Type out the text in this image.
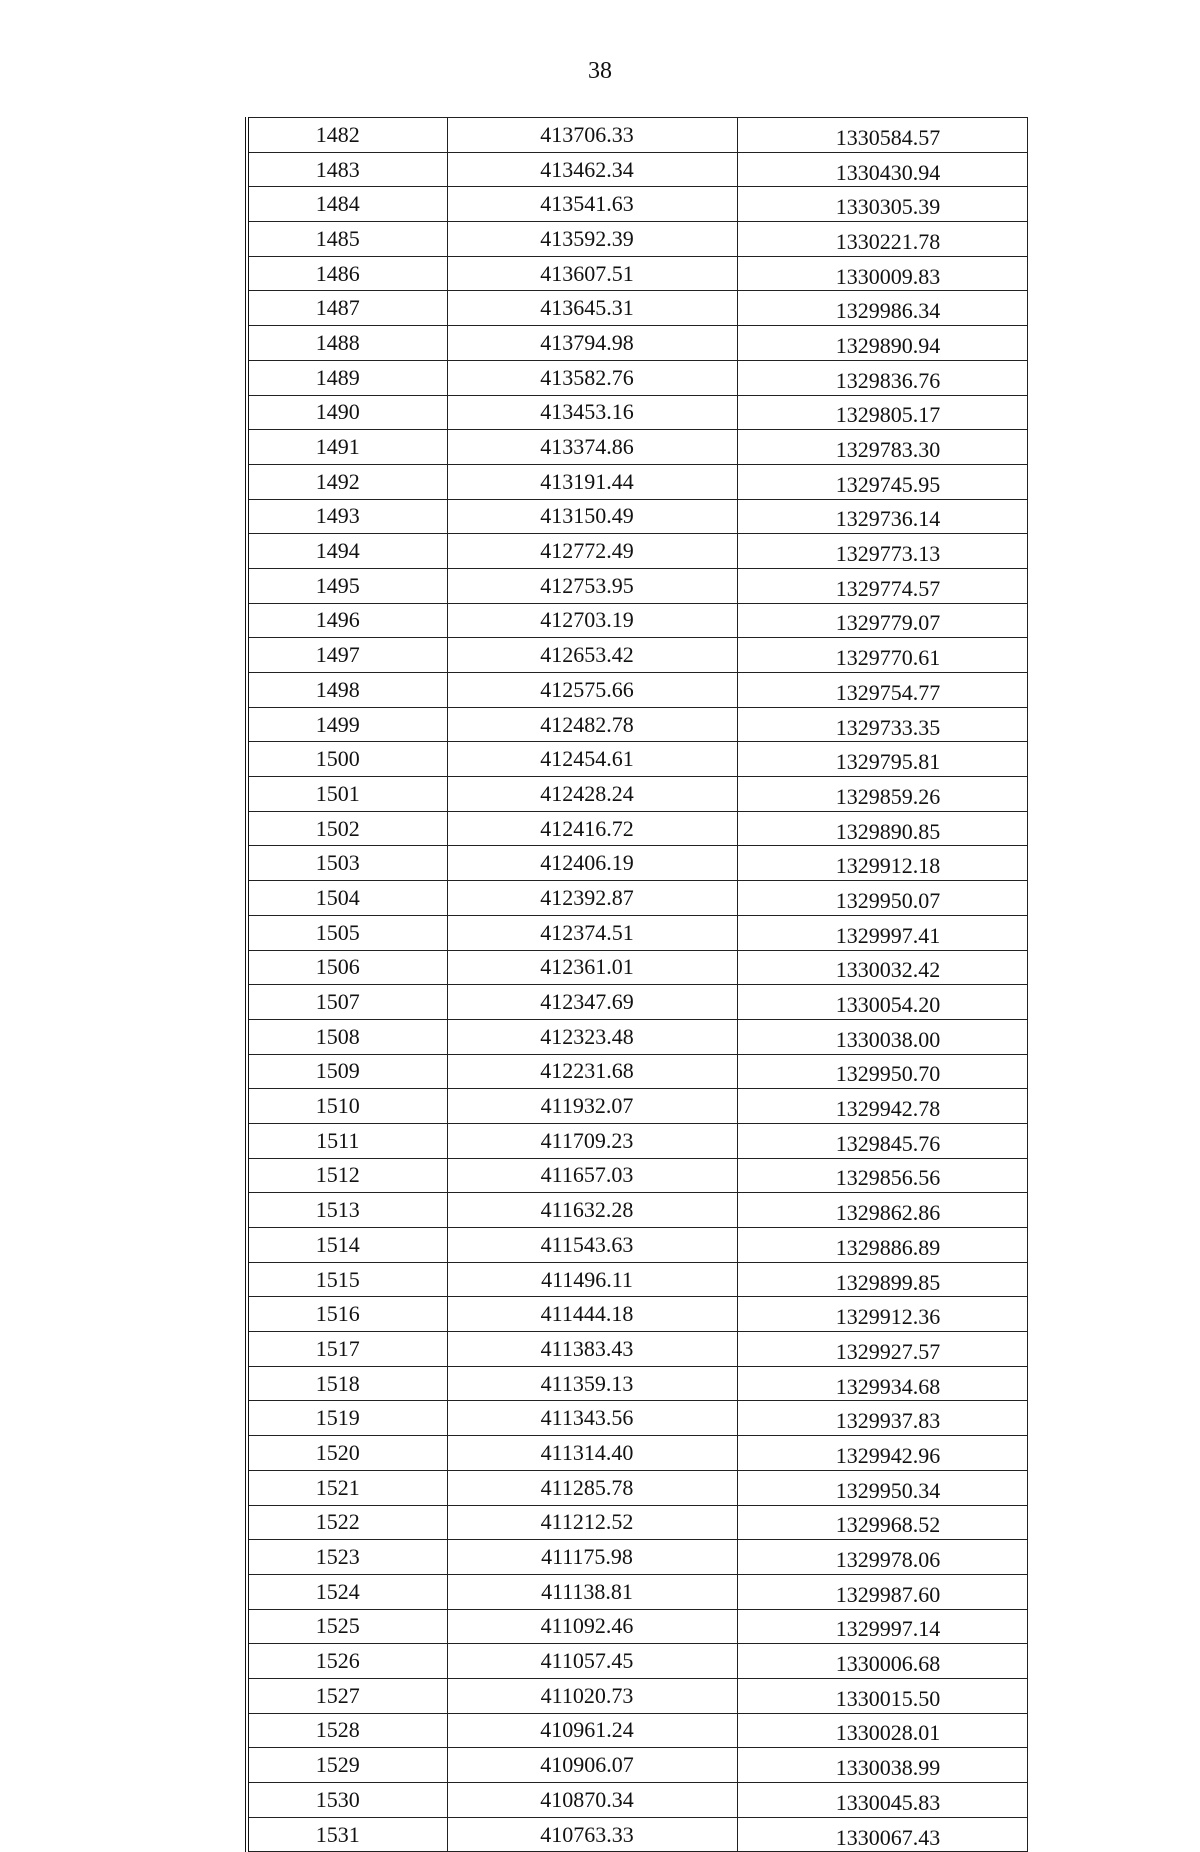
38
1482	413706.33	1330584.57
1483	413462.34	1330430.94
1484	413541.63	1330305.39
1485	413592.39	1330221.78
1486	413607.51	1330009.83
1487	413645.31	1329986.34
1488	413794.98	1329890.94
1489	413582.76	1329836.76
1490	413453.16	1329805.17
1491	413374.86	1329783.30
1492	413191.44	1329745.95
1493	413150.49	1329736.14
1494	412772.49	1329773.13
1495	412753.95	1329774.57
1496	412703.19	1329779.07
1497	412653.42	1329770.61
1498	412575.66	1329754.77
1499	412482.78	1329733.35
1500	412454.61	1329795.81
1501	412428.24	1329859.26
1502	412416.72	1329890.85
1503	412406.19	1329912.18
1504	412392.87	1329950.07
1505	412374.51	1329997.41
1506	412361.01	1330032.42
1507	412347.69	1330054.20
1508	412323.48	1330038.00
1509	412231.68	1329950.70
1510	411932.07	1329942.78
1511	411709.23	1329845.76
1512	411657.03	1329856.56
1513	411632.28	1329862.86
1514	411543.63	1329886.89
1515	411496.11	1329899.85
1516	411444.18	1329912.36
1517	411383.43	1329927.57
1518	411359.13	1329934.68
1519	411343.56	1329937.83
1520	411314.40	1329942.96
1521	411285.78	1329950.34
1522	411212.52	1329968.52
1523	411175.98	1329978.06
1524	411138.81	1329987.60
1525	411092.46	1329997.14
1526	411057.45	1330006.68
1527	411020.73	1330015.50
1528	410961.24	1330028.01
1529	410906.07	1330038.99
1530	410870.34	1330045.83
1531	410763.33	1330067.43
